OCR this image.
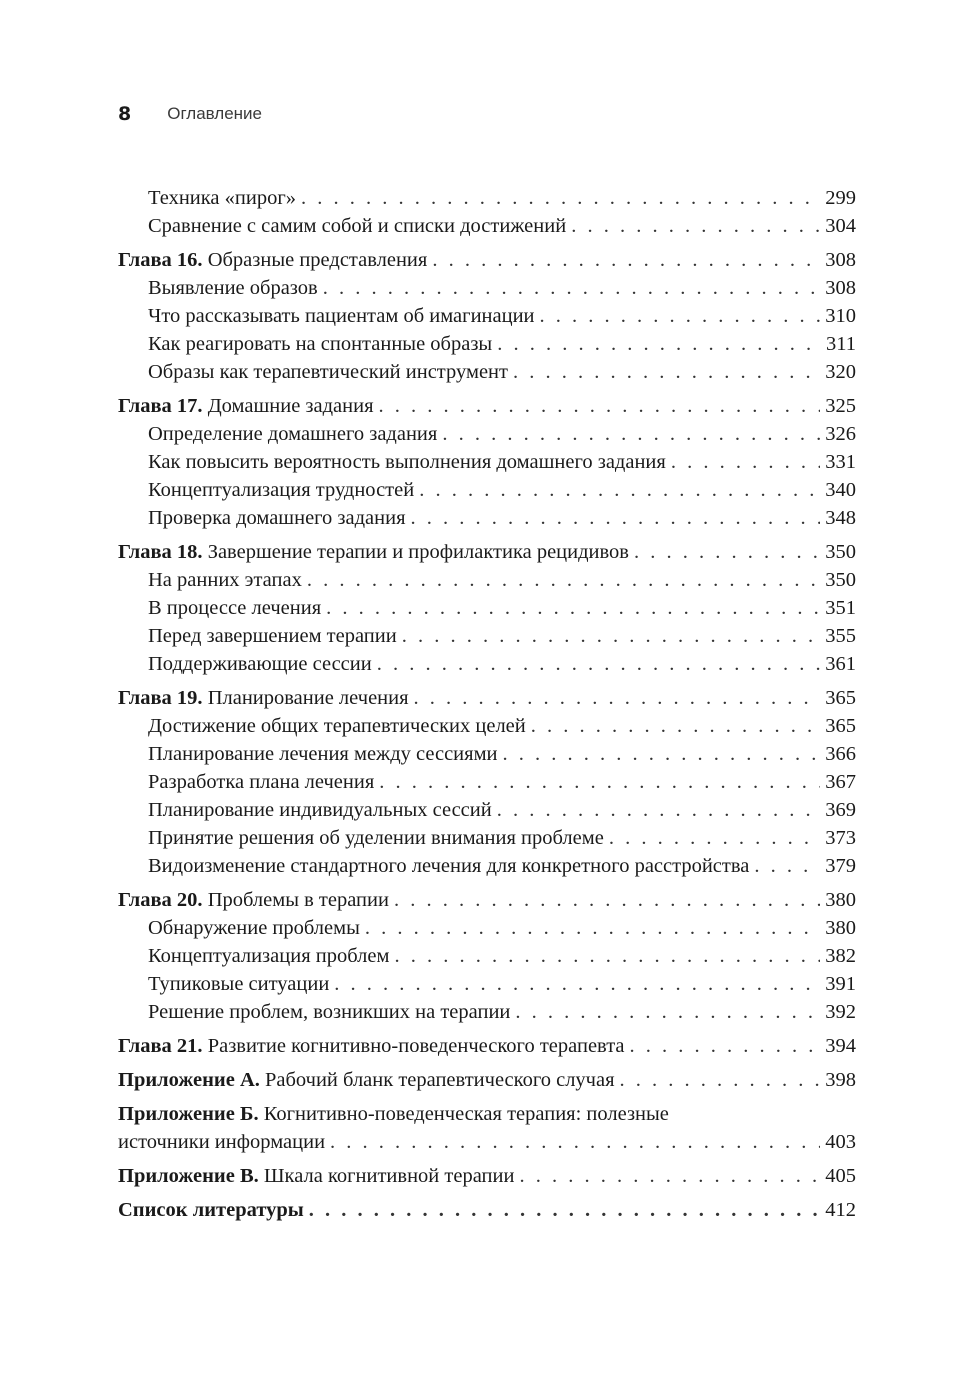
8 Оглавление
Техника «пирог» . . .	299
Сравнение с самим собой и списки достижений . . .	304
Глава 16. Образные представления . . .	308
Выявление образов . . .	308
Что рассказывать пациентам об имагинации . . .	310
Как реагировать на спонтанные образы . . .	311
Образы как терапевтический инструмент . . .	320
Глава 17. Домашние задания . . .	325
Определение домашнего задания . . .	326
Как повысить вероятность выполнения домашнего задания . . .	331
Концептуализация трудностей . . .	340
Проверка домашнего задания . . .	348
Глава 18. Завершение терапии и профилактика рецидивов . . .	350
На ранних этапах . . .	350
В процессе лечения . . .	351
Перед завершением терапии . . .	355
Поддерживающие сессии . . .	361
Глава 19. Планирование лечения . . .	365
Достижение общих терапевтических целей . . .	365
Планирование лечения между сессиями . . .	366
Разработка плана лечения . . .	367
Планирование индивидуальных сессий . . .	369
Принятие решения об уделении внимания проблеме . . .	373
Видоизменение стандартного лечения для конкретного расстройства . . .	379
Глава 20. Проблемы в терапии . . .	380
Обнаружение проблемы . . .	380
Концептуализация проблем . . .	382
Тупиковые ситуации . . .	391
Решение проблем, возникших на терапии . . .	392
Глава 21. Развитие когнитивно-поведенческого терапевта . . .	394
Приложение А. Рабочий бланк терапевтического случая . . .	398
Приложение Б. Когнитивно-поведенческая терапия: полезные
источники информации . . .	403
Приложение В. Шкала когнитивной терапии . . .	405
Список литературы . . .	412
